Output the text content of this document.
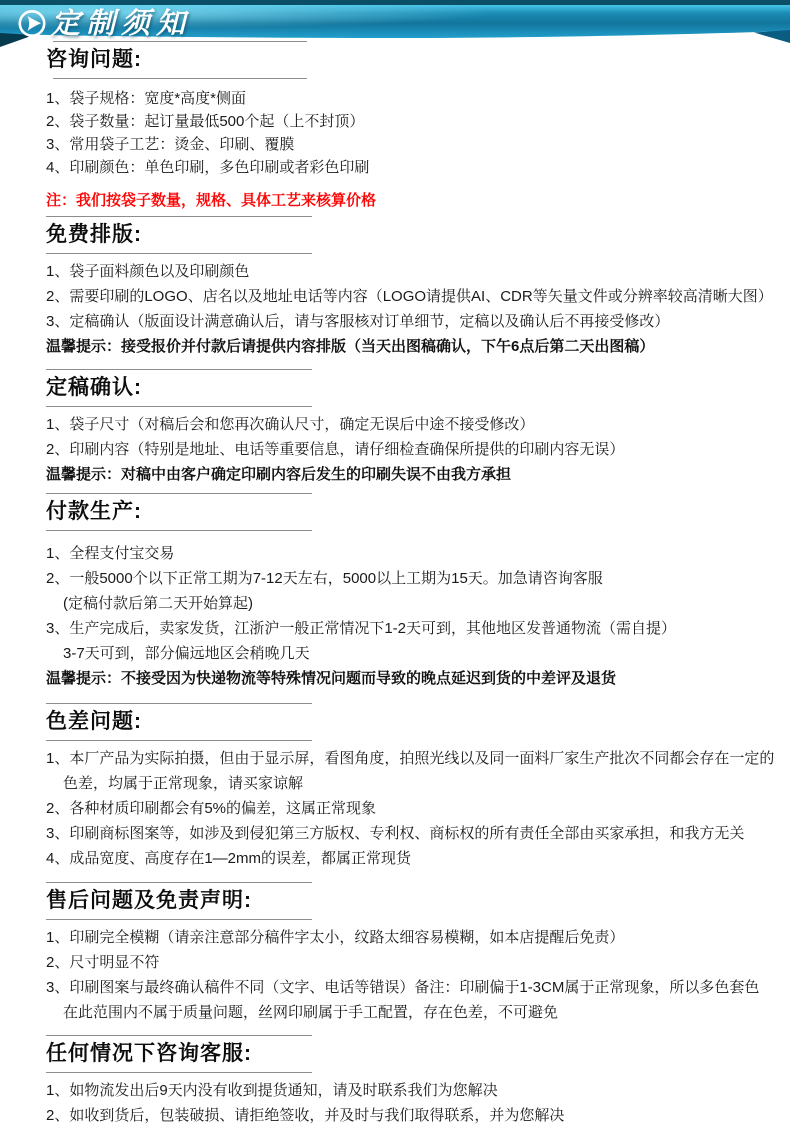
定制须知
咨询问题:
1、袋子规格：宽度*高度*侧面
2、袋子数量：起订量最低500个起（上不封顶）
3、常用袋子工艺：烫金、印刷、覆膜
4、印刷颜色：单色印刷，多色印刷或者彩色印刷
注：我们按袋子数量，规格、具体工艺来核算价格
免费排版:
1、袋子面料颜色以及印刷颜色
2、需要印刷的LOGO、店名以及地址电话等内容（LOGO请提供AI、CDR等矢量文件或分辨率较高清晰大图）
3、定稿确认（版面设计满意确认后，请与客服核对订单细节，定稿以及确认后不再接受修改）
温馨提示：接受报价并付款后请提供内容排版（当天出图稿确认，下午6点后第二天出图稿）
定稿确认:
1、袋子尺寸（对稿后会和您再次确认尺寸，确定无误后中途不接受修改）
2、印刷内容（特别是地址、电话等重要信息，请仔细检查确保所提供的印刷内容无误）
温馨提示：对稿中由客户确定印刷内容后发生的印刷失误不由我方承担
付款生产:
1、全程支付宝交易
2、一般5000个以下正常工期为7-12天左右，5000以上工期为15天。加急请咨询客服
(定稿付款后第二天开始算起)
3、生产完成后，卖家发货，江浙沪一般正常情况下1-2天可到，其他地区发普通物流（需自提）
3-7天可到，部分偏远地区会稍晚几天
温馨提示：不接受因为快递物流等特殊情况问题而导致的晚点延迟到货的中差评及退货
色差问题:
1、本厂产品为实际拍摄，但由于显示屏，看图角度，拍照光线以及同一面料厂家生产批次不同都会存在一定的
色差，均属于正常现象，请买家谅解
2、各种材质印刷都会有5%的偏差，这属正常现象
3、印刷商标图案等，如涉及到侵犯第三方版权、专利权、商标权的所有责任全部由买家承担，和我方无关
4、成品宽度、高度存在1—2mm的误差，都属正常现货
售后问题及免责声明:
1、印刷完全模糊（请亲注意部分稿件字太小，纹路太细容易模糊，如本店提醒后免责）
2、尺寸明显不符
3、印刷图案与最终确认稿件不同（文字、电话等错误）备注：印刷偏于1-3CM属于正常现象，所以多色套色
在此范围内不属于质量问题，丝网印刷属于手工配置，存在色差，不可避免
任何情况下咨询客服:
1、如物流发出后9天内没有收到提货通知，请及时联系我们为您解决
2、如收到货后，包装破损、请拒绝签收，并及时与我们取得联系，并为您解决
